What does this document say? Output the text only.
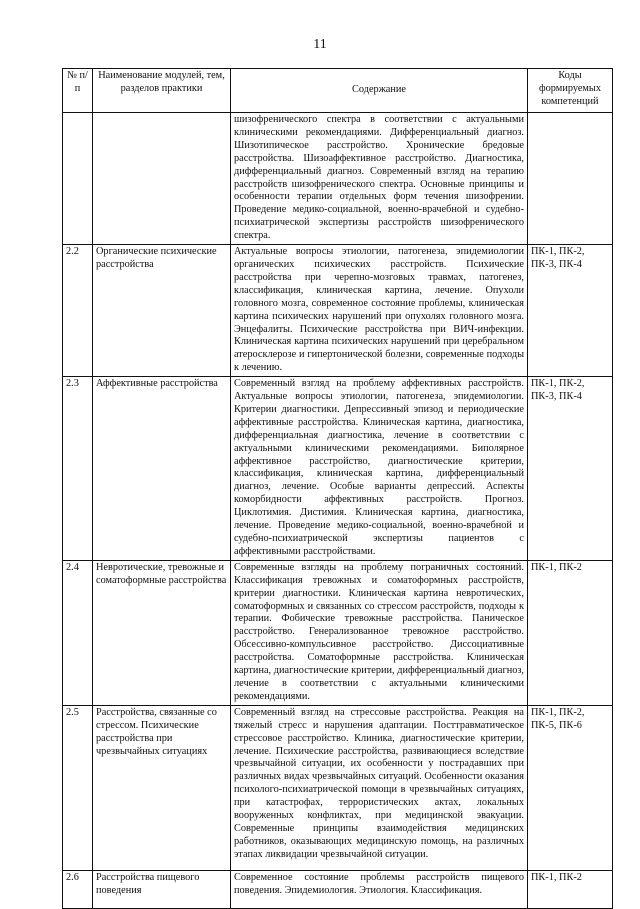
11
№ п/п	Наименование модулей, тем, разделов практики	Содержание	Коды формируемых компетенций
		шизофренического спектра в соответствии с актуальными клиническими рекомендациями. Дифференциальный диагноз. Шизотипическое расстройство. Хронические бредовые расстройства. Шизоаффективное расстройство. Диагностика, дифференциальный диагноз. Современный взгляд на терапию расстройств шизофренического спектра. Основные принципы и особенности терапии отдельных форм течения шизофрении. Проведение медико-социальной, военно-врачебной и судебно-психиатрической экспертизы расстройств шизофренического спектра.	
2.2	Органические психические расстройства	Актуальные вопросы этиологии, патогенеза, эпидемиологии органических психических расстройств. Психические расстройства при черепно-мозговых травмах, патогенез, классификация, клиническая картина, лечение. Опухоли головного мозга, современное состояние проблемы, клиническая картина психических нарушений при опухолях головного мозга. Энцефалиты. Психические расстройства при ВИЧ-инфекции. Клиническая картина психических нарушений при церебральном атеросклерозе и гипертонической болезни, современные подходы к лечению.	ПК-1, ПК-2, ПК-3, ПК-4
2.3	Аффективные расстройства	Современный взгляд на проблему аффективных расстройств. Актуальные вопросы этиологии, патогенеза, эпидемиологии. Критерии диагностики. Депрессивный эпизод и периодические аффективные расстройства. Клиническая картина, диагностика, дифференциальная диагностика, лечение в соответствии с актуальными клиническими рекомендациями. Биполярное аффективное расстройство, диагностические критерии, классификация, клиническая картина, дифференциальный диагноз, лечение. Особые варианты депрессий. Аспекты коморбидности аффективных расстройств. Прогноз. Циклотимия. Дистимия. Клиническая картина, диагностика, лечение. Проведение медико-социальной, военно-врачебной и судебно-психиатрической экспертизы пациентов с аффективными расстройствами.	ПК-1, ПК-2, ПК-3, ПК-4
2.4	Невротические, тревожные и соматоформные расстройства	Современные взгляды на проблему пограничных состояний. Классификация тревожных и соматоформных расстройств, критерии диагностики. Клиническая картина невротических, соматоформных и связанных со стрессом расстройств, подходы к терапии. Фобические тревожные расстройства. Паническое расстройство. Генерализованное тревожное расстройство. Обсессивно-компульсивное расстройство. Диссоциативные расстройства. Соматоформные расстройства. Клиническая картина, диагностические критерии, дифференциальный диагноз, лечение в соответствии с актуальными клиническими рекомендациями.	ПК-1, ПК-2
2.5	Расстройства, связанные со стрессом. Психические расстройства при чрезвычайных ситуациях	Современный взгляд на стрессовые расстройства. Реакция на тяжелый стресс и нарушения адаптации. Посттравматическое стрессовое расстройство. Клиника, диагностические критерии, лечение. Психические расстройства, развивающиеся вследствие чрезвычайной ситуации, их особенности у пострадавших при различных видах чрезвычайных ситуаций. Особенности оказания психолого-психиатрической помощи в чрезвычайных ситуациях, при катастрофах, террористических актах, локальных вооруженных конфликтах, при медицинской эвакуации. Современные принципы взаимодействия медицинских работников, оказывающих медицинскую помощь, на различных этапах ликвидации чрезвычайной ситуации.	ПК-1, ПК-2, ПК-5, ПК-6
2.6	Расстройства пищевого поведения	Современное состояние проблемы расстройств пищевого поведения. Эпидемиология. Этиология. Классификация.	ПК-1, ПК-2
